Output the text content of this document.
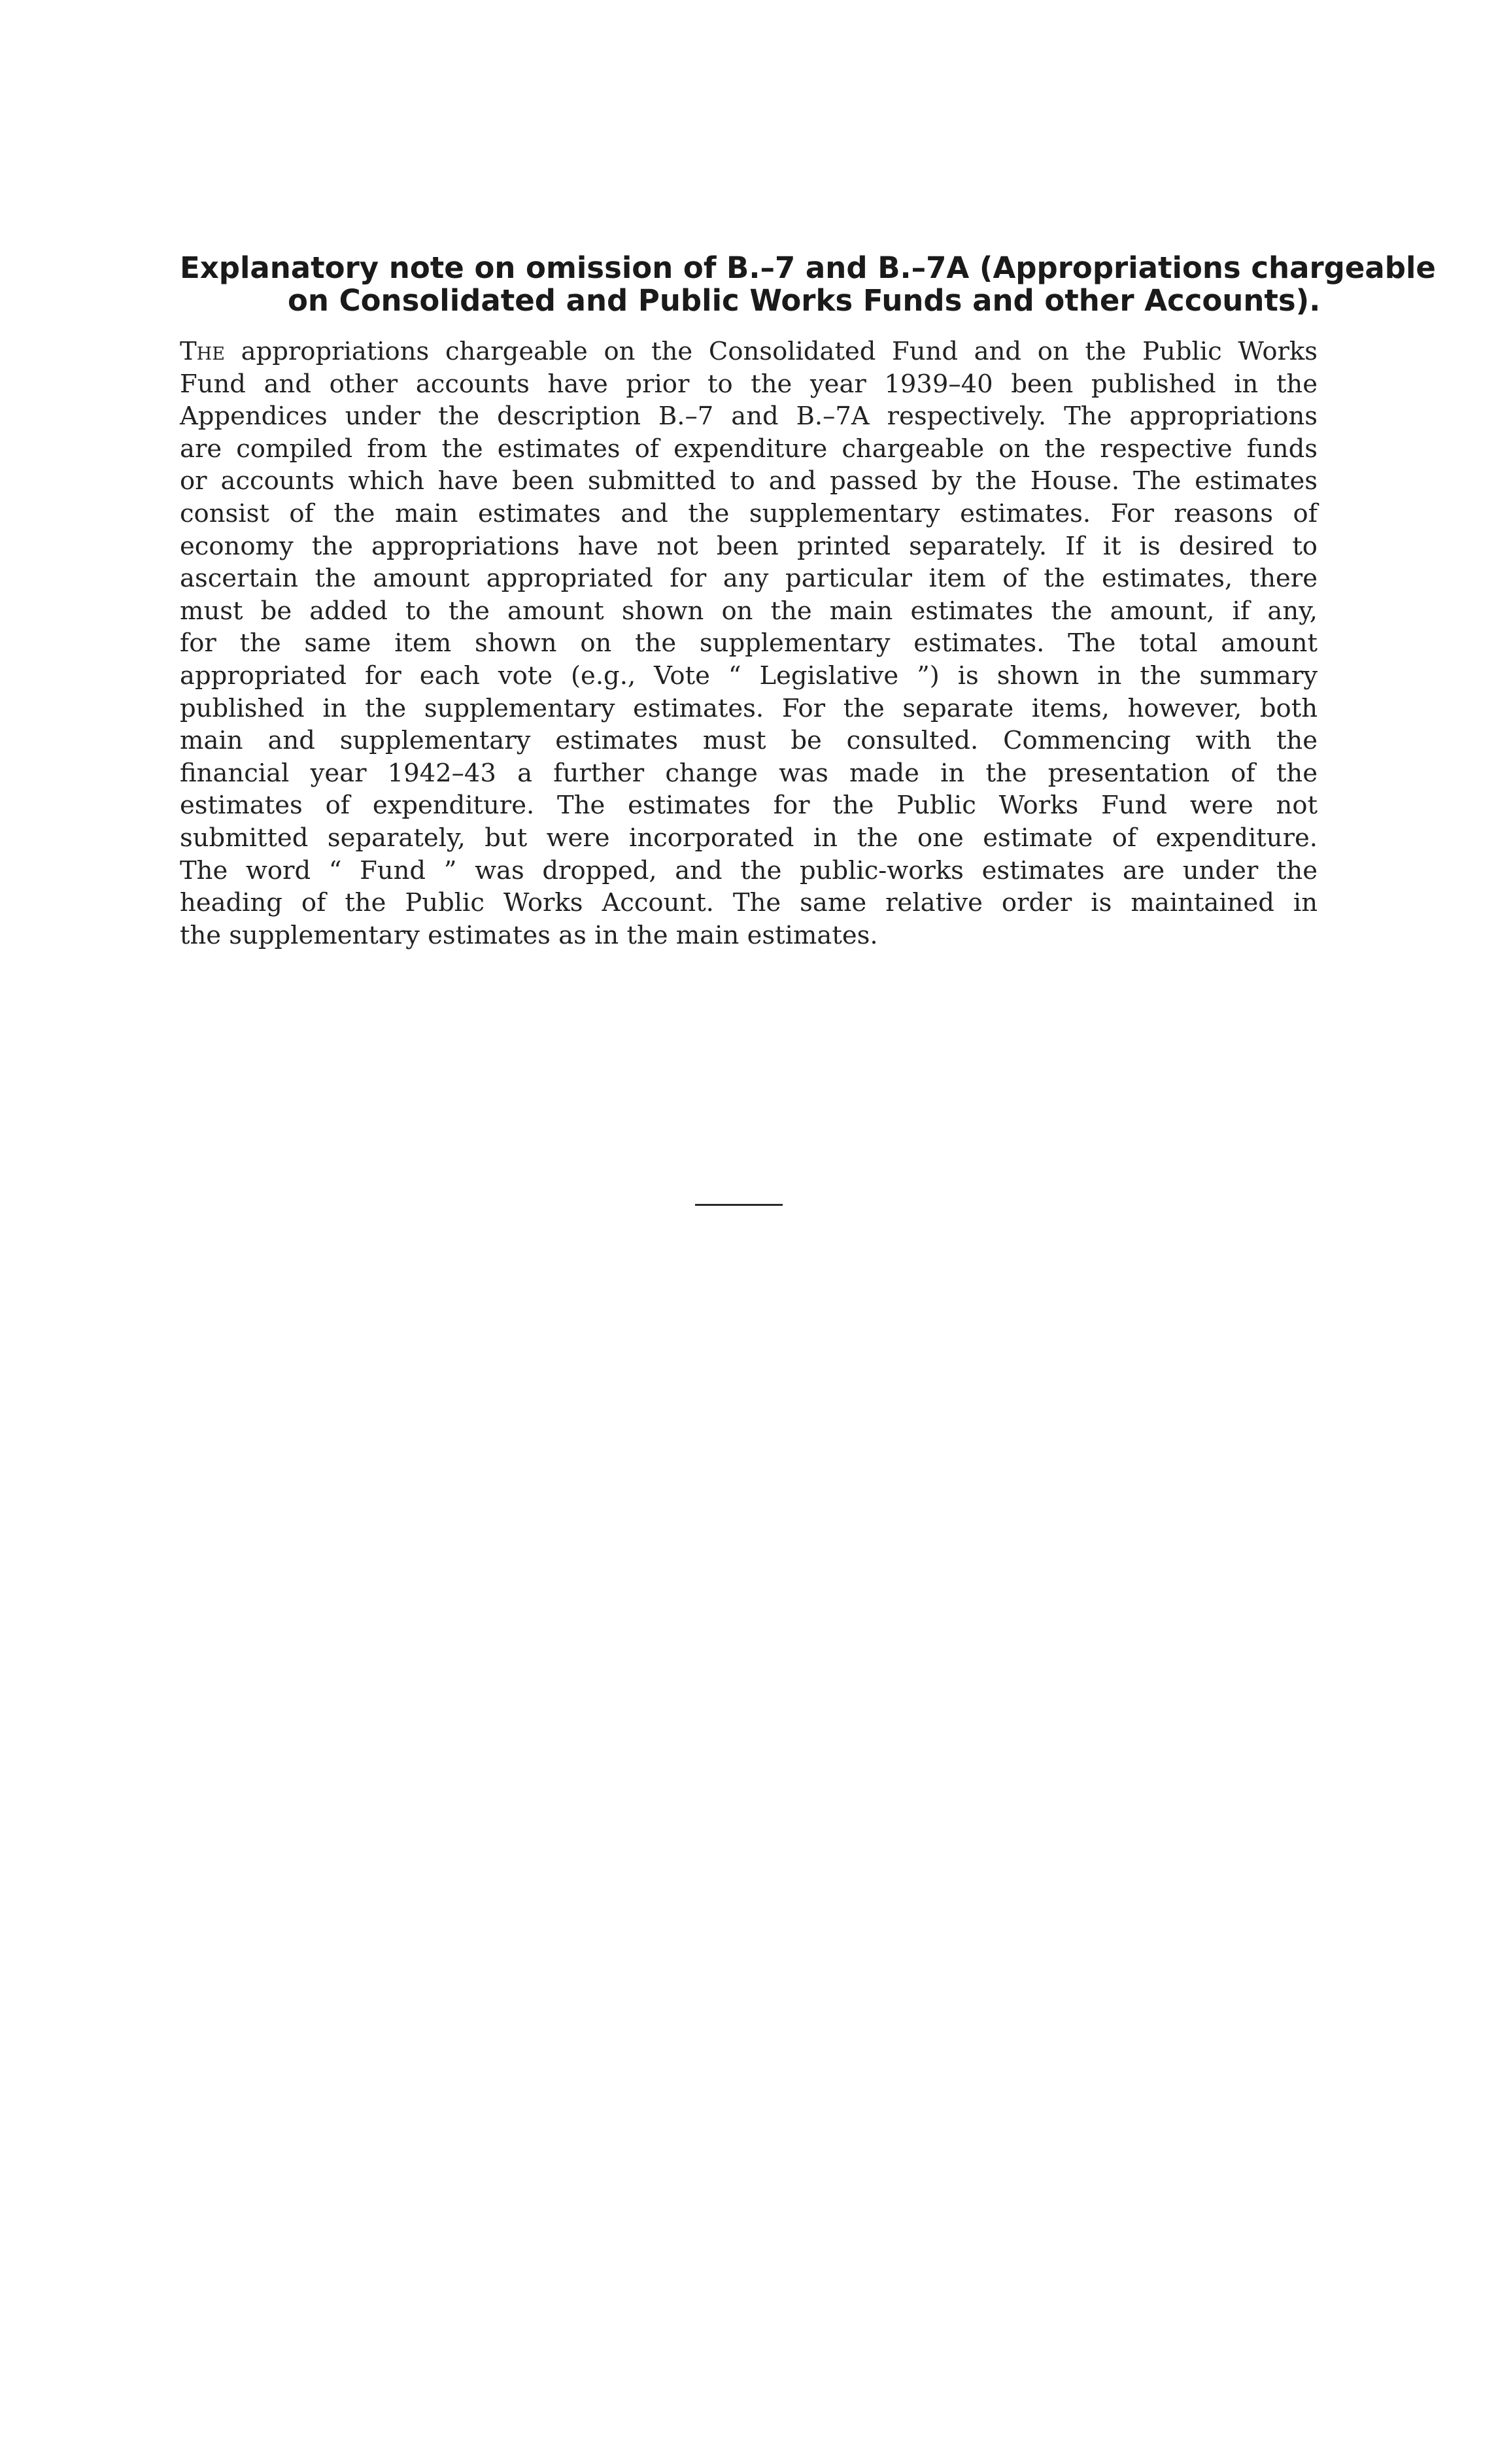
Explanatory note on omission of B.–7 and B.–7A (Appropriations chargeable
on Consolidated and Public Works Funds and other Accounts).
The appropriations chargeable on the Consolidated Fund and on the Public Works
Fund and other accounts have prior to the year 1939–40 been published in the
Appendices under the description B.–7 and B.–7A respectively. The appropriations
are compiled from the estimates of expenditure chargeable on the respective funds
or accounts which have been submitted to and passed by the House. The estimates
consist of the main estimates and the supplementary estimates. For reasons of
economy the appropriations have not been printed separately. If it is desired to
ascertain the amount appropriated for any particular item of the estimates, there
must be added to the amount shown on the main estimates the amount, if any,
for the same item shown on the supplementary estimates. The total amount
appropriated for each vote (e.g., Vote “ Legislative ”) is shown in the summary
published in the supplementary estimates. For the separate items, however, both
main and supplementary estimates must be consulted. Commencing with the
financial year 1942–43 a further change was made in the presentation of the
estimates of expenditure. The estimates for the Public Works Fund were not
submitted separately, but were incorporated in the one estimate of expenditure.
The word “ Fund ” was dropped, and the public-works estimates are under the
heading of the Public Works Account. The same relative order is maintained in
the supplementary estimates as in the main estimates.
